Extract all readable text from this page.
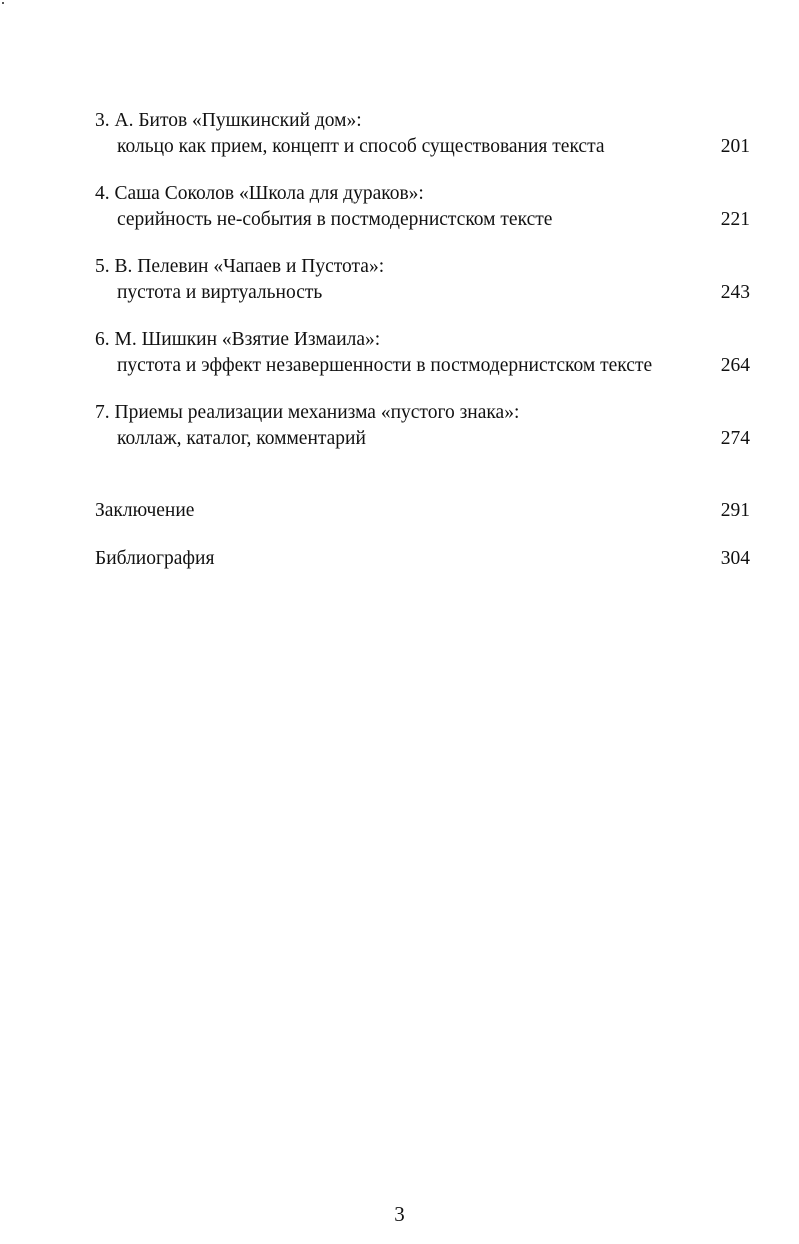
3. А. Битов «Пушкинский дом»:
кольцо как прием, концепт и способ существования текста	201
4. Саша Соколов «Школа для дураков»:
серийность не-события в постмодернистском тексте	221
5. В. Пелевин «Чапаев и Пустота»:
пустота и виртуальность	243
6. М. Шишкин «Взятие Измаила»:
пустота и эффект незавершенности в постмодернистском тексте	264
7. Приемы реализации механизма «пустого знака»:
коллаж, каталог, комментарий	274
Заключение	291
Библиография	304
3
